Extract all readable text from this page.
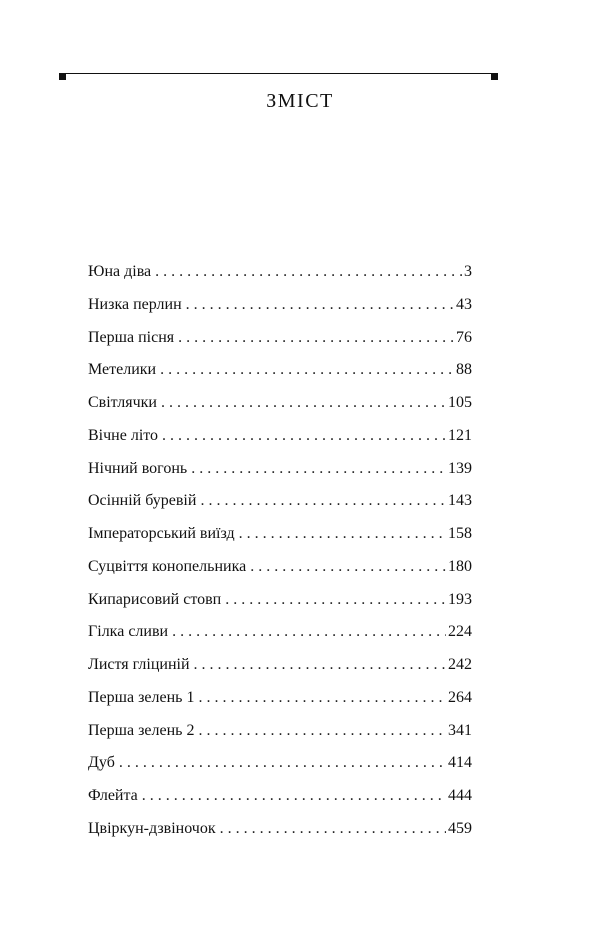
ЗМІСТ
Юна діва . . .	3
Низка перлин . . .	43
Перша пісня . . .	76
Метелики . . .	88
Світлячки . . .	105
Вічне літо . . .	121
Нічний вогонь . . .	139
Осінній буревій . . .	143
Імператорський виїзд . . .	158
Суцвіття конопельника . . .	180
Кипарисовий стовп . . .	193
Гілка сливи . . .	224
Листя гліциній . . .	242
Перша зелень 1 . . .	264
Перша зелень 2 . . .	341
Дуб . . .	414
Флейта . . .	444
Цвіркун-дзвіночок . . .	459
